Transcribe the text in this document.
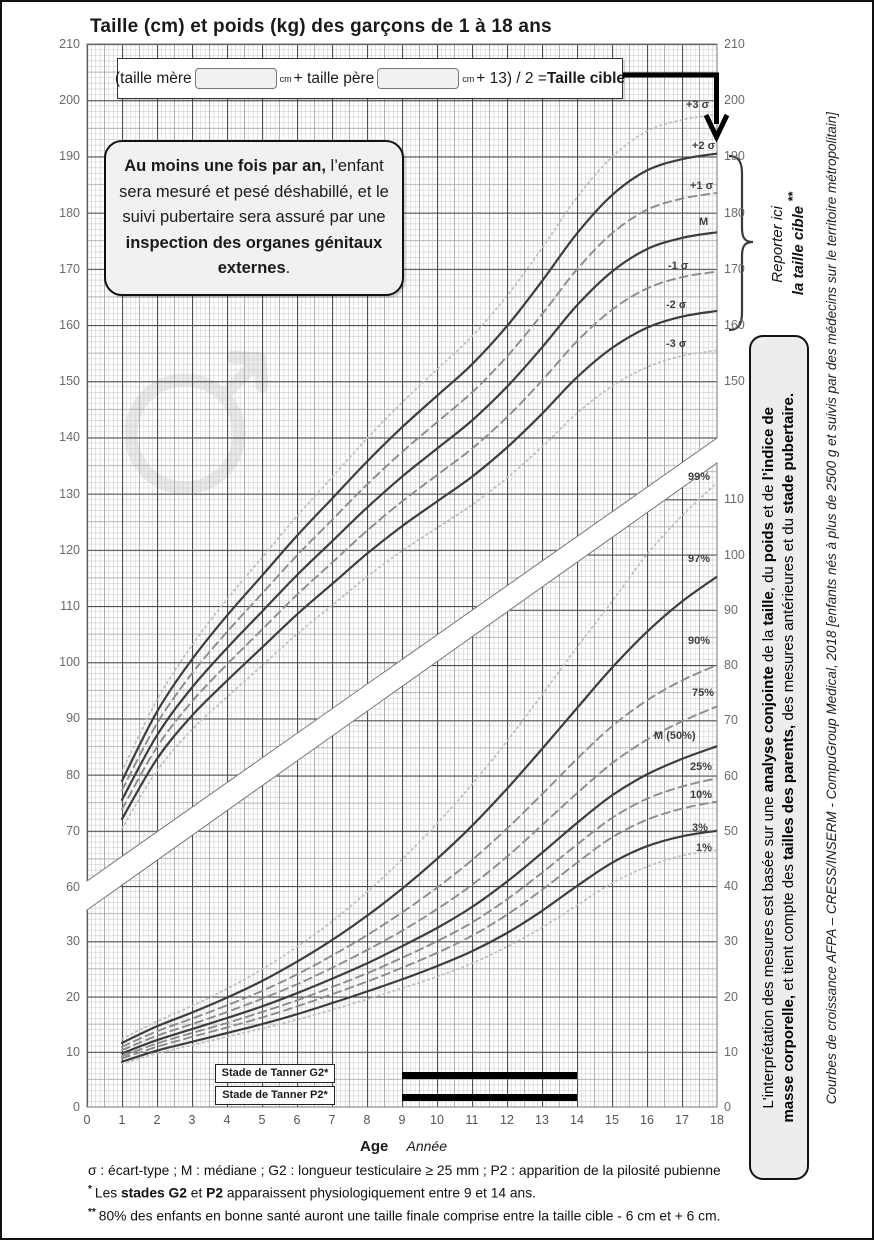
Taille (cm) et poids (kg) des garçons de 1 à 18 ans
(taille mère	cm + taille père	cm + 13) / 2 = Taille cible
Au moins une fois par an, l’enfant sera mesuré et pesé déshabillé, et le suivi pubertaire sera assuré par une inspection des organes génitaux externes.	Reporter ici la taille cible **
L'interprétation des mesures est basée sur une analyse conjointe de la taille, du poids et de l’indice de
masse corporelle, et tient compte des tailles des parents, des mesures antérieures et du stade pubertaire. Courbes de croissance AFPA – CRESS/INSERM - CompuGroup Medical, 2018 [enfants nés à plus de 2500 g et suivis par des médecins sur le territoire métropolitain]
Stade de Tanner G2*
Stade de Tanner P2*
Age Année
σ : écart-type ; M : médiane ; G2 : longueur testiculaire ≥ 25 mm ; P2 : apparition de la pilosité pubienne
* Les stades G2 et P2 apparaissent physiologiquement entre 9 et 14 ans.
** 80% des enfants en bonne santé auront une taille finale comprise entre la taille cible - 6 cm et + 6 cm.
210
200
190
180
170
160
150
140
130
120
110
100
90
80
70
60
30
20
10
0
210
200
190
180
170
160
150
110
100
90
80
70
60
50
40
30
20
10
0
0 1 2 3 4 5 6 7 8 9 10 11 12 13 14 15 16 17 18
+3 σ
+2 σ
+1 σ
M
-1 σ
-2 σ
-3 σ
99%
97%
90%
75%
M (50%)
25%
10%
3%
1%
